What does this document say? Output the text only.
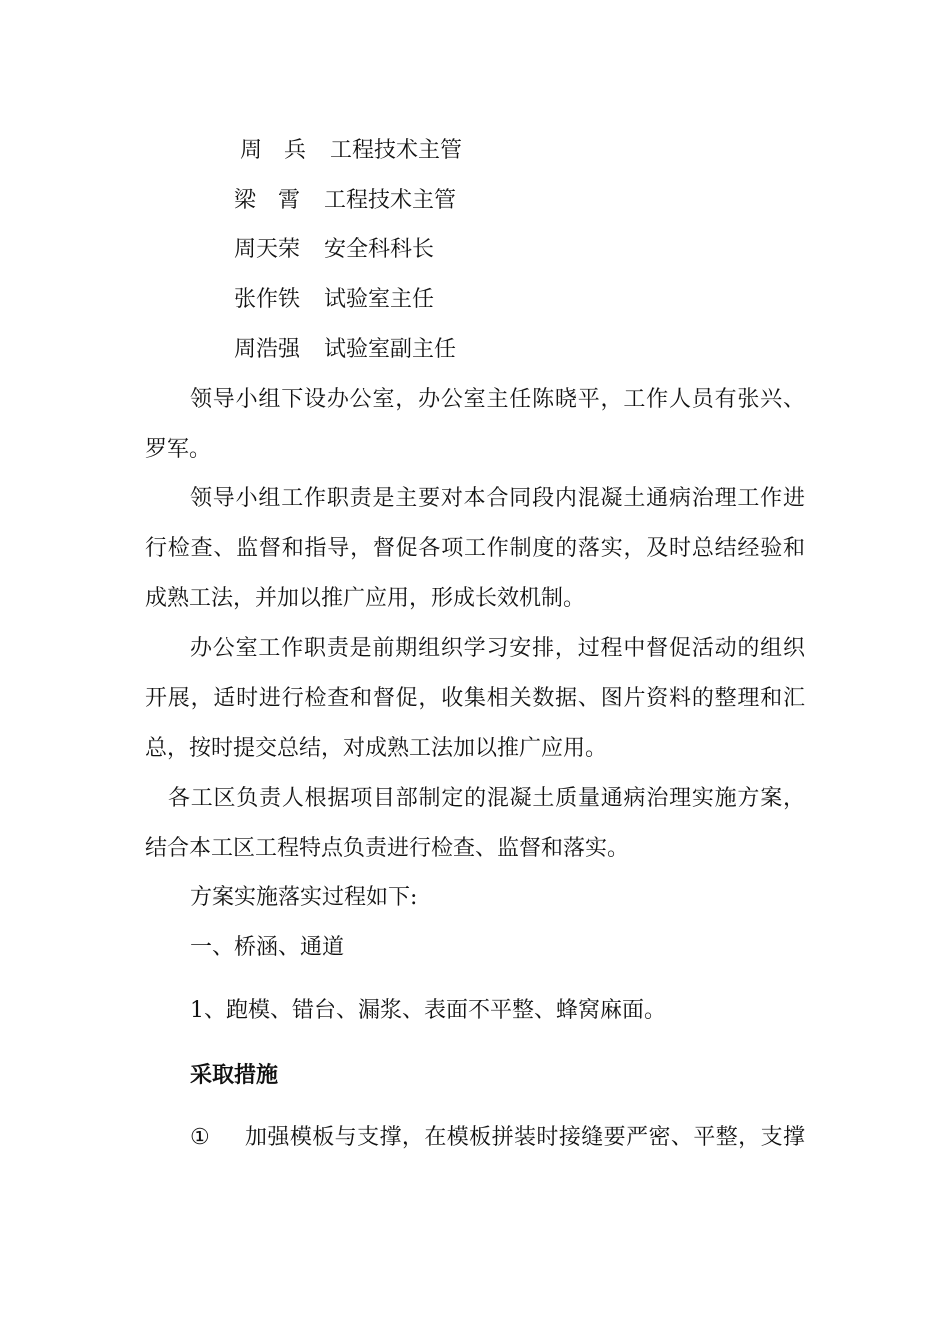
周　兵 工程技术主管
梁　霄 工程技术主管
周天荣 安全科科长
张作铁 试验室主任
周浩强 试验室副主任
领导小组下设办公室，办公室主任陈晓平，工作人员有张兴、
罗军。
领导小组工作职责是主要对本合同段内混凝土通病治理工作进
行检查、监督和指导，督促各项工作制度的落实，及时总结经验和
成熟工法，并加以推广应用，形成长效机制。
办公室工作职责是前期组织学习安排，过程中督促活动的组织
开展，适时进行检查和督促，收集相关数据、图片资料的整理和汇
总，按时提交总结，对成熟工法加以推广应用。
各工区负责人根据项目部制定的混凝土质量通病治理实施方案，
结合本工区工程特点负责进行检查、监督和落实。
方案实施落实过程如下:
一、桥涵、通道
1、跑模、错台、漏浆、表面不平整、蜂窝麻面。
采取措施
① 加强模板与支撑，在模板拼装时接缝要严密、平整，支撑
